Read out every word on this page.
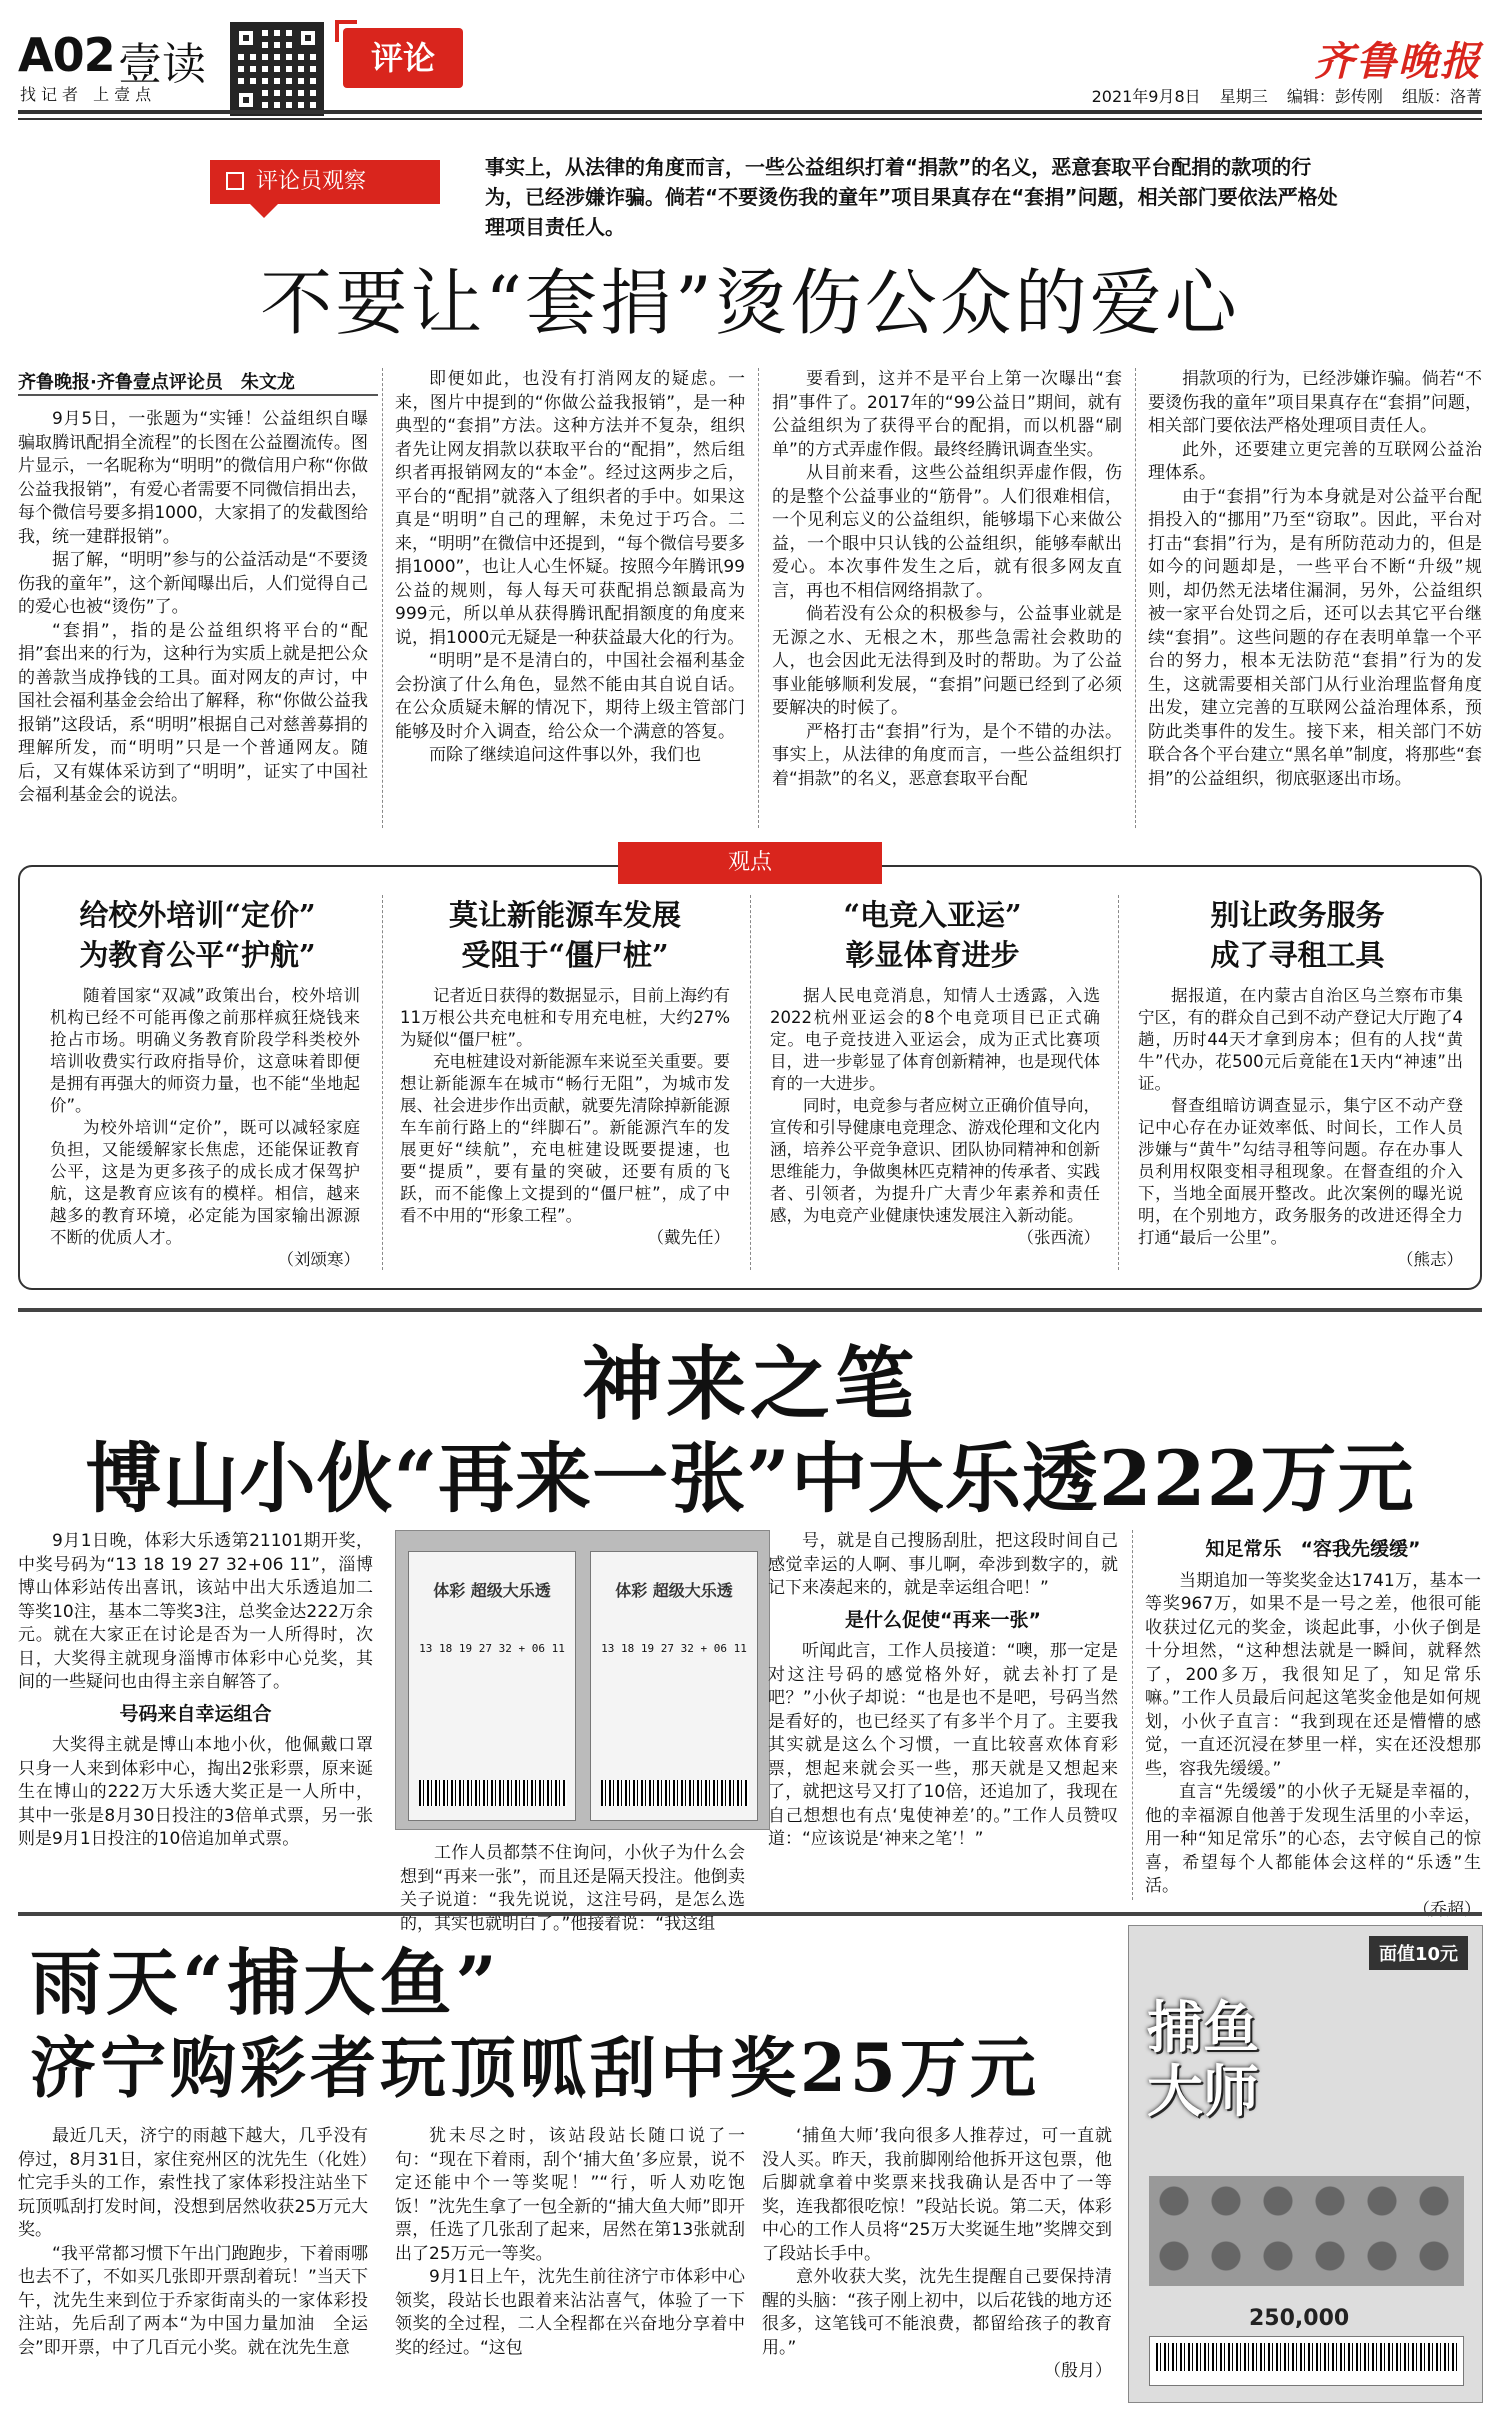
A02 壹读
找记者 上壹点
评论	齐鲁晚报
2021年9月8日 星期三 编辑：彭传刚 组版：洛菁
评论员观察
事实上，从法律的角度而言，一些公益组织打着“捐款”的名义，恶意套取平台配捐的款项的行为，已经涉嫌诈骗。倘若“不要烫伤我的童年”项目果真存在“套捐”问题，相关部门要依法严格处理项目责任人。
不要让“套捐”烫伤公众的爱心
齐鲁晚报·齐鲁壹点评论员　朱文龙

9月5日，一张题为“实锤！公益组织自曝骗取腾讯配捐全流程”的长图在公益圈流传。图片显示，一名昵称为“明明”的微信用户称“你做公益我报销”，有爱心者需要不同微信捐出去，每个微信号要多捐1000，大家捐了的发截图给我，统一建群报销”。

据了解，“明明”参与的公益活动是“不要烫伤我的童年”，这个新闻曝出后，人们觉得自己的爱心也被“烫伤”了。

“套捐”，指的是公益组织将平台的“配捐”套出来的行为，这种行为实质上就是把公众的善款当成挣钱的工具。面对网友的声讨，中国社会福利基金会给出了解释，称“你做公益我报销”这段话，系“明明”根据自己对慈善募捐的理解所发，而“明明”只是一个普通网友。随后，又有媒体采访到了“明明”，证实了中国社会福利基金会的说法。

即便如此，也没有打消网友的疑虑。一来，图片中提到的“你做公益我报销”，是一种典型的“套捐”方法。这种方法并不复杂，组织者先让网友捐款以获取平台的“配捐”，然后组织者再报销网友的“本金”。经过这两步之后，平台的“配捐”就落入了组织者的手中。如果这真是“明明”自己的理解，未免过于巧合。二来，“明明”在微信中还提到，“每个微信号要多捐1000”，也让人心生怀疑。按照今年腾讯99公益的规则，每人每天可获配捐总额最高为999元，所以单从获得腾讯配捐额度的角度来说，捐1000元无疑是一种获益最大化的行为。

“明明”是不是清白的，中国社会福利基金会扮演了什么角色，显然不能由其自说自话。在公众质疑未解的情况下，期待上级主管部门能够及时介入调查，给公众一个满意的答复。

而除了继续追问这件事以外，我们也

要看到，这并不是平台上第一次曝出“套捐”事件了。2017年的“99公益日”期间，就有公益组织为了获得平台的配捐，而以机器“刷单”的方式弄虚作假。最终经腾讯调查坐实。

从目前来看，这些公益组织弄虚作假，伤的是整个公益事业的“筋骨”。人们很难相信，一个见利忘义的公益组织，能够塌下心来做公益，一个眼中只认钱的公益组织，能够奉献出爱心。本次事件发生之后，就有很多网友直言，再也不相信网络捐款了。

倘若没有公众的积极参与，公益事业就是无源之水、无根之木，那些急需社会救助的人，也会因此无法得到及时的帮助。为了公益事业能够顺利发展，“套捐”问题已经到了必须要解决的时候了。

严格打击“套捐”行为，是个不错的办法。事实上，从法律的角度而言，一些公益组织打着“捐款”的名义，恶意套取平台配

捐款项的行为，已经涉嫌诈骗。倘若“不要烫伤我的童年”项目果真存在“套捐”问题，相关部门要依法严格处理项目责任人。

此外，还要建立更完善的互联网公益治理体系。

由于“套捐”行为本身就是对公益平台配捐投入的“挪用”乃至“窃取”。因此，平台对打击“套捐”行为，是有所防范动力的，但是如今的问题却是，一些平台不断“升级”规则，却仍然无法堵住漏洞，另外，公益组织被一家平台处罚之后，还可以去其它平台继续“套捐”。这些问题的存在表明单靠一个平台的努力，根本无法防范“套捐”行为的发生，这就需要相关部门从行业治理监督角度出发，建立完善的互联网公益治理体系，预防此类事件的发生。接下来，相关部门不妨联合各个平台建立“黑名单”制度，将那些“套捐”的公益组织，彻底驱逐出市场。

观点
给校外培训“定价”
为教育公平“护航”

随着国家“双减”政策出台，校外培训机构已经不可能再像之前那样疯狂烧钱来抢占市场。明确义务教育阶段学科类校外培训收费实行政府指导价，这意味着即便是拥有再强大的师资力量，也不能“坐地起价”。

为校外培训“定价”，既可以减轻家庭负担，又能缓解家长焦虑，还能保证教育公平，这是为更多孩子的成长成才保驾护航，这是教育应该有的模样。相信，越来越多的教育环境，必定能为国家输出源源不断的优质人才。

（刘颂寒）

莫让新能源车发展
受阻于“僵尸桩”

记者近日获得的数据显示，目前上海约有11万根公共充电桩和专用充电桩，大约27%为疑似“僵尸桩”。

充电桩建设对新能源车来说至关重要。要想让新能源车在城市“畅行无阻”，为城市发展、社会进步作出贡献，就要先清除掉新能源车车前行路上的“绊脚石”。新能源汽车的发展更好“续航”，充电桩建设既要提速，也要“提质”，要有量的突破，还要有质的飞跃，而不能像上文提到的“僵尸桩”，成了中看不中用的“形象工程”。

（戴先任）

“电竞入亚运”
彰显体育进步

据人民电竞消息，知情人士透露，入选2022杭州亚运会的8个电竞项目已正式确定。电子竞技进入亚运会，成为正式比赛项目，进一步彰显了体育创新精神，也是现代体育的一大进步。

同时，电竞参与者应树立正确价值导向，宣传和引导健康电竞理念、游戏伦理和文化内涵，培养公平竞争意识、团队协同精神和创新思维能力，争做奥林匹克精神的传承者、实践者、引领者，为提升广大青少年素养和责任感，为电竞产业健康快速发展注入新动能。

（张西流）

别让政务服务
成了寻租工具

据报道，在内蒙古自治区乌兰察布市集宁区，有的群众自己到不动产登记大厅跑了4趟，历时44天才拿到房本；但有的人找“黄牛”代办，花500元后竟能在1天内“神速”出证。

督查组暗访调查显示，集宁区不动产登记中心存在办证效率低、时间长，工作人员涉嫌与“黄牛”勾结寻租等问题。存在办事人员利用权限变相寻租现象。在督查组的介入下，当地全面展开整改。此次案例的曝光说明，在个别地方，政务服务的改进还得全力打通“最后一公里”。

（熊志）

神来之笔
博山小伙“再来一张”中大乐透222万元

9月1日晚，体彩大乐透第21101期开奖，中奖号码为“13 18 19 27 32+06 11”，淄博博山体彩站传出喜讯，该站中出大乐透追加二等奖10注，基本二等奖3注，总奖金达222万余元。就在大家正在讨论是否为一人所得时，次日，大奖得主就现身淄博市体彩中心兑奖，其间的一些疑问也由得主亲自解答了。

号码来自幸运组合

大奖得主就是博山本地小伙，他佩戴口罩只身一人来到体彩中心，掏出2张彩票，原来诞生在博山的222万大乐透大奖正是一人所中，其中一张是8月30日投注的3倍单式票，另一张则是9月1日投注的10倍追加单式票。

体彩 超级大乐透
13 18 19 27 32 + 06 11
体彩 超级大乐透
13 18 19 27 32 + 06 11

工作人员都禁不住询问，小伙子为什么会想到“再来一张”，而且还是隔天投注。他倒卖关子说道：“我先说说，这注号码，是怎么选的，其实也就明白了。”他接着说：“我这组

号，就是自己搜肠刮肚，把这段时间自己感觉幸运的人啊、事儿啊，牵涉到数字的，就记下来凑起来的，就是幸运组合吧！”

是什么促使“再来一张”

听闻此言，工作人员接道：“噢，那一定是对这注号码的感觉格外好，就去补打了是吧？”小伙子却说：“也是也不是吧，号码当然是看好的，也已经买了有多半个月了。主要我其实就是这么个习惯，一直比较喜欢体育彩票，想起来就会买一些，那天就是又想起来了，就把这号又打了10倍，还追加了，我现在自己想想也有点‘鬼使神差’的。”工作人员赞叹道：“应该说是‘神来之笔’！”

知足常乐　“容我先缓缓”

当期追加一等奖奖金达1741万，基本一等奖967万，如果不是一号之差，他很可能收获过亿元的奖金，谈起此事，小伙子倒是十分坦然，“这种想法就是一瞬间，就释然了，200多万，我很知足了，知足常乐嘛。”工作人员最后问起这笔奖金他是如何规划，小伙子直言：“我到现在还是懵懵的感觉，一直还沉浸在梦里一样，实在还没想那些，容我先缓缓。”

直言“先缓缓”的小伙子无疑是幸福的，他的幸福源自他善于发现生活里的小幸运，用一种“知足常乐”的心态，去守候自己的惊喜，希望每个人都能体会这样的“乐透”生活。

（乔超）

雨天“捕大鱼”
济宁购彩者玩顶呱刮中奖25万元

最近几天，济宁的雨越下越大，几乎没有停过，8月31日，家住兖州区的沈先生（化姓）忙完手头的工作，索性找了家体彩投注站坐下玩顶呱刮打发时间，没想到居然收获25万元大奖。

“我平常都习惯下午出门跑跑步，下着雨哪也去不了，不如买几张即开票刮着玩！”当天下午，沈先生来到位于乔家街南头的一家体彩投注站，先后刮了两本“为中国力量加油　全运会”即开票，中了几百元小奖。就在沈先生意

犹未尽之时，该站段站长随口说了一句：“现在下着雨，刮个‘捕大鱼’多应景，说不定还能中个一等奖呢！”“行，听人劝吃饱饭！”沈先生拿了一包全新的“捕大鱼大师”即开票，任选了几张刮了起来，居然在第13张就刮出了25万元一等奖。

9月1日上午，沈先生前往济宁市体彩中心领奖，段站长也跟着来沾沾喜气，体验了一下领奖的全过程，二人全程都在兴奋地分享着中奖的经过。“这包

‘捕鱼大师’我向很多人推荐过，可一直就没人买。昨天，我前脚刚给他拆开这包票，他后脚就拿着中奖票来找我确认是否中了一等奖，连我都很吃惊！”段站长说。第二天，体彩中心的工作人员将“25万大奖诞生地”奖牌交到了段站长手中。

意外收获大奖，沈先生提醒自己要保持清醒的头脑：“孩子刚上初中，以后花钱的地方还很多，这笔钱可不能浪费，都留给孩子的教育用。”

（殷月）

面值10元
捕鱼大师
250,000
